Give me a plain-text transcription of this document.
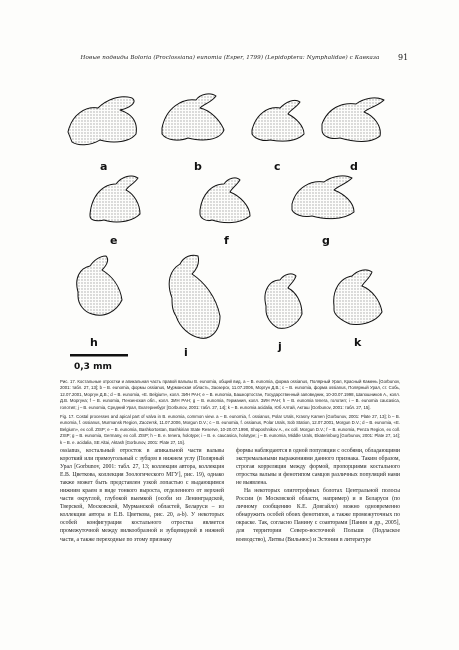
Новые подвиды Boloria (Proclossiana) eunomia (Esper, 1799) (Lepidoptera: Nymphalidae) с Кавказа	91
a	b	c	d
e	f	g
h
i	j	k
0,3 mm

Рис. 17. Костальные отростки и апикальная часть правой вальвы B. eunomia, общий вид. a – B. eunomia, форма ossianus, Полярный Урал, Красный Камень [Gorbunov, 2001: табл. 27, 13]; b – B. eunomia, формы ossianus, Мурманская область, Заозерск, 11.07.2006, Моргун Д.В.; c – B. eunomia, форма ossianus, Полярный Урал, ст. Собь, 12.07.2001, Моргун Д.В.; d – B. eunomia, «Е. Belgium», колл. ЗИН РАН; e – B. eunomia, Башкортостан, Государственный заповедник, 10-20.07.1998, Шапошников А., колл. Д.В. Моргуна; f – B. eunomia, Пензенская обл., колл. ЗИН РАН; g – B. eunomia, Германия, колл. ЗИН РАН; h – B. eunomia tenera, голотип; i – B. eunomia caucasica, голотип; j – B. eunomia, Средний Урал, Екатеринбург [Gorbunov, 2001: табл. 27, 14]; k – B. eunomia acidalia, Юб Алтай, Акташ [Gorbunov, 2001: табл. 27, 15].

Fig. 17. Costal processes and apical part of valva in B. eunomia, common view. a – B. eunomia, f. ossianus, Polar Urals, Krasny Kamen [Gorbunov, 2001: Plate 27, 13]; b – B. eunomia, f. ossianus, Murmansk Region, Zaozersk, 11.07.2006, Morgun D.V.; c – B. eunomia, f. ossianus, Polar Urals, Sob Station, 12.07.2001, Morgun D.V.; d – B. eunomia, «E. Belgium», ex coll. ZISP; e – B. eunomia, Bashkortostan, Bashkirian State Reserve, 10-20.07.1998, Shaposhnikov A., ex coll. Morgun D.V.; f – B. eunomia, Penza Region, ex coll. ZISP; g – B. eunomia, Germany, ex coll. ZISP; h – B. e. tenera, holotype; i – B. e. caucasica, holotype; j – B. eunomia, Middle Urals, Ekaterinburg [Gorbunov, 2001: Plate 27, 14]; k – B. e. acidalia, SE Altai, Aktash [Gorbunov, 2001: Plate 27, 15].

ossianus, костальный отросток в апикальной части вальвы короткий или прямоугольный с зубцом в нижнем углу (Полярный Урал [Gorbunov, 2001: табл. 27, 13; коллекция автора, коллекция Е.В. Цветкова, коллекция Зоологического МГУ], рис. 19), однако также может быть представлен узкой лопастью с выдающимся нижним краем в виде тонкого выроста, отделенного от верхней части округлой, глубокой выемкой (особи из Ленинградской, Тверской, Московской, Мурманской областей, Беларуси – из коллекции автора и Е.В. Цветкова, рис. 20, a-b). У некоторых особей конфигурация костального отростка является промежуточной между вилкообразной и зубцевидной в нижней части, а также переходные по этому признаку

формы наблюдаются в одной популяции с особями, обладающими экстремальными выражениями данного признака. Таким образом, строгая корреляция между формой, пропорциями костального отростка вальвы и фенотипом самцов различных популяций нами не выявлена.

На некоторых олиготрофных болотах Центральной полосы России (в Московской области, например) и в Беларуси (по личному сообщению К.Е. Довгайло) можно одновременно обнаружить особей обоих фенотипов, а также промежуточных по окраске. Так, согласно Панину с соавторами [Панин и др., 2005], для территории Северо-восточной Польши (Подлаское воеводство), Литвы (Вильнюс) и Эстонии в литературе
